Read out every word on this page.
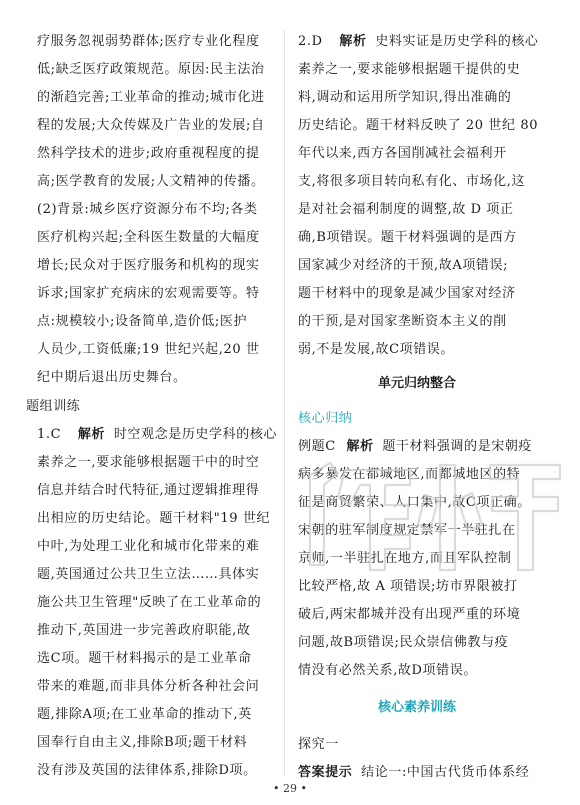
疗服务忽视弱势群体;医疗专业化程度
低;缺乏医疗政策规范。原因:民主法治
的渐趋完善;工业革命的推动;城市化进
程的发展;大众传媒及广告业的发展;自
然科学技术的进步;政府重视程度的提
高;医学教育的发展;人文精神的传播。
(2)背景:城乡医疗资源分布不均;各类
医疗机构兴起;全科医生数量的大幅度
增长;民众对于医疗服务和机构的现实
诉求;国家扩充病床的宏观需要等。特
点:规模较小;设备简单,造价低;医护
人员少,工资低廉;19 世纪兴起,20 世
纪中期后退出历史舞台。
题组训练
1.C 解析 时空观念是历史学科的核心
素养之一,要求能够根据题干中的时空
信息并结合时代特征,通过逻辑推理得
出相应的历史结论。题干材料"19 世纪
中叶,为处理工业化和城市化带来的难
题,英国通过公共卫生立法……具体实
施公共卫生管理"反映了在工业革命的
推动下,英国进一步完善政府职能,故
选C项。题干材料揭示的是工业革命
带来的难题,而非具体分析各种社会问
题,排除A项;在工业革命的推动下,英
国奉行自由主义,排除B项;题干材料
没有涉及英国的法律体系,排除D项。
2.D 解析 史料实证是历史学科的核心
素养之一,要求能够根据题干提供的史
料,调动和运用所学知识,得出准确的
历史结论。题干材料反映了 20 世纪 80
年代以来,西方各国削减社会福利开
支,将很多项目转向私有化、市场化,这
是对社会福利制度的调整,故 D 项正
确,B项错误。题干材料强调的是西方
国家减少对经济的干预,故A项错误;
题干材料中的现象是减少国家对经济
的干预,是对国家垄断资本主义的削
弱,不是发展,故C项错误。
单元归纳整合
核心归纳
例题C 解析 题干材料强调的是宋朝疫
病多暴发在都城地区,而都城地区的特
征是商贸繁荣、人口集中,故C项正确。
宋朝的驻军制度规定禁军一半驻扎在
京师,一半驻扎在地方,而且军队控制
比较严格,故 A 项错误;坊市界限被打
破后,两宋都城并没有出现严重的环境
问题,故B项错误;民众崇信佛教与疫
情没有必然关系,故D项错误。
核心素养训练
探究一
答案提示 结论一:中国古代货币体系经
• 29 •
